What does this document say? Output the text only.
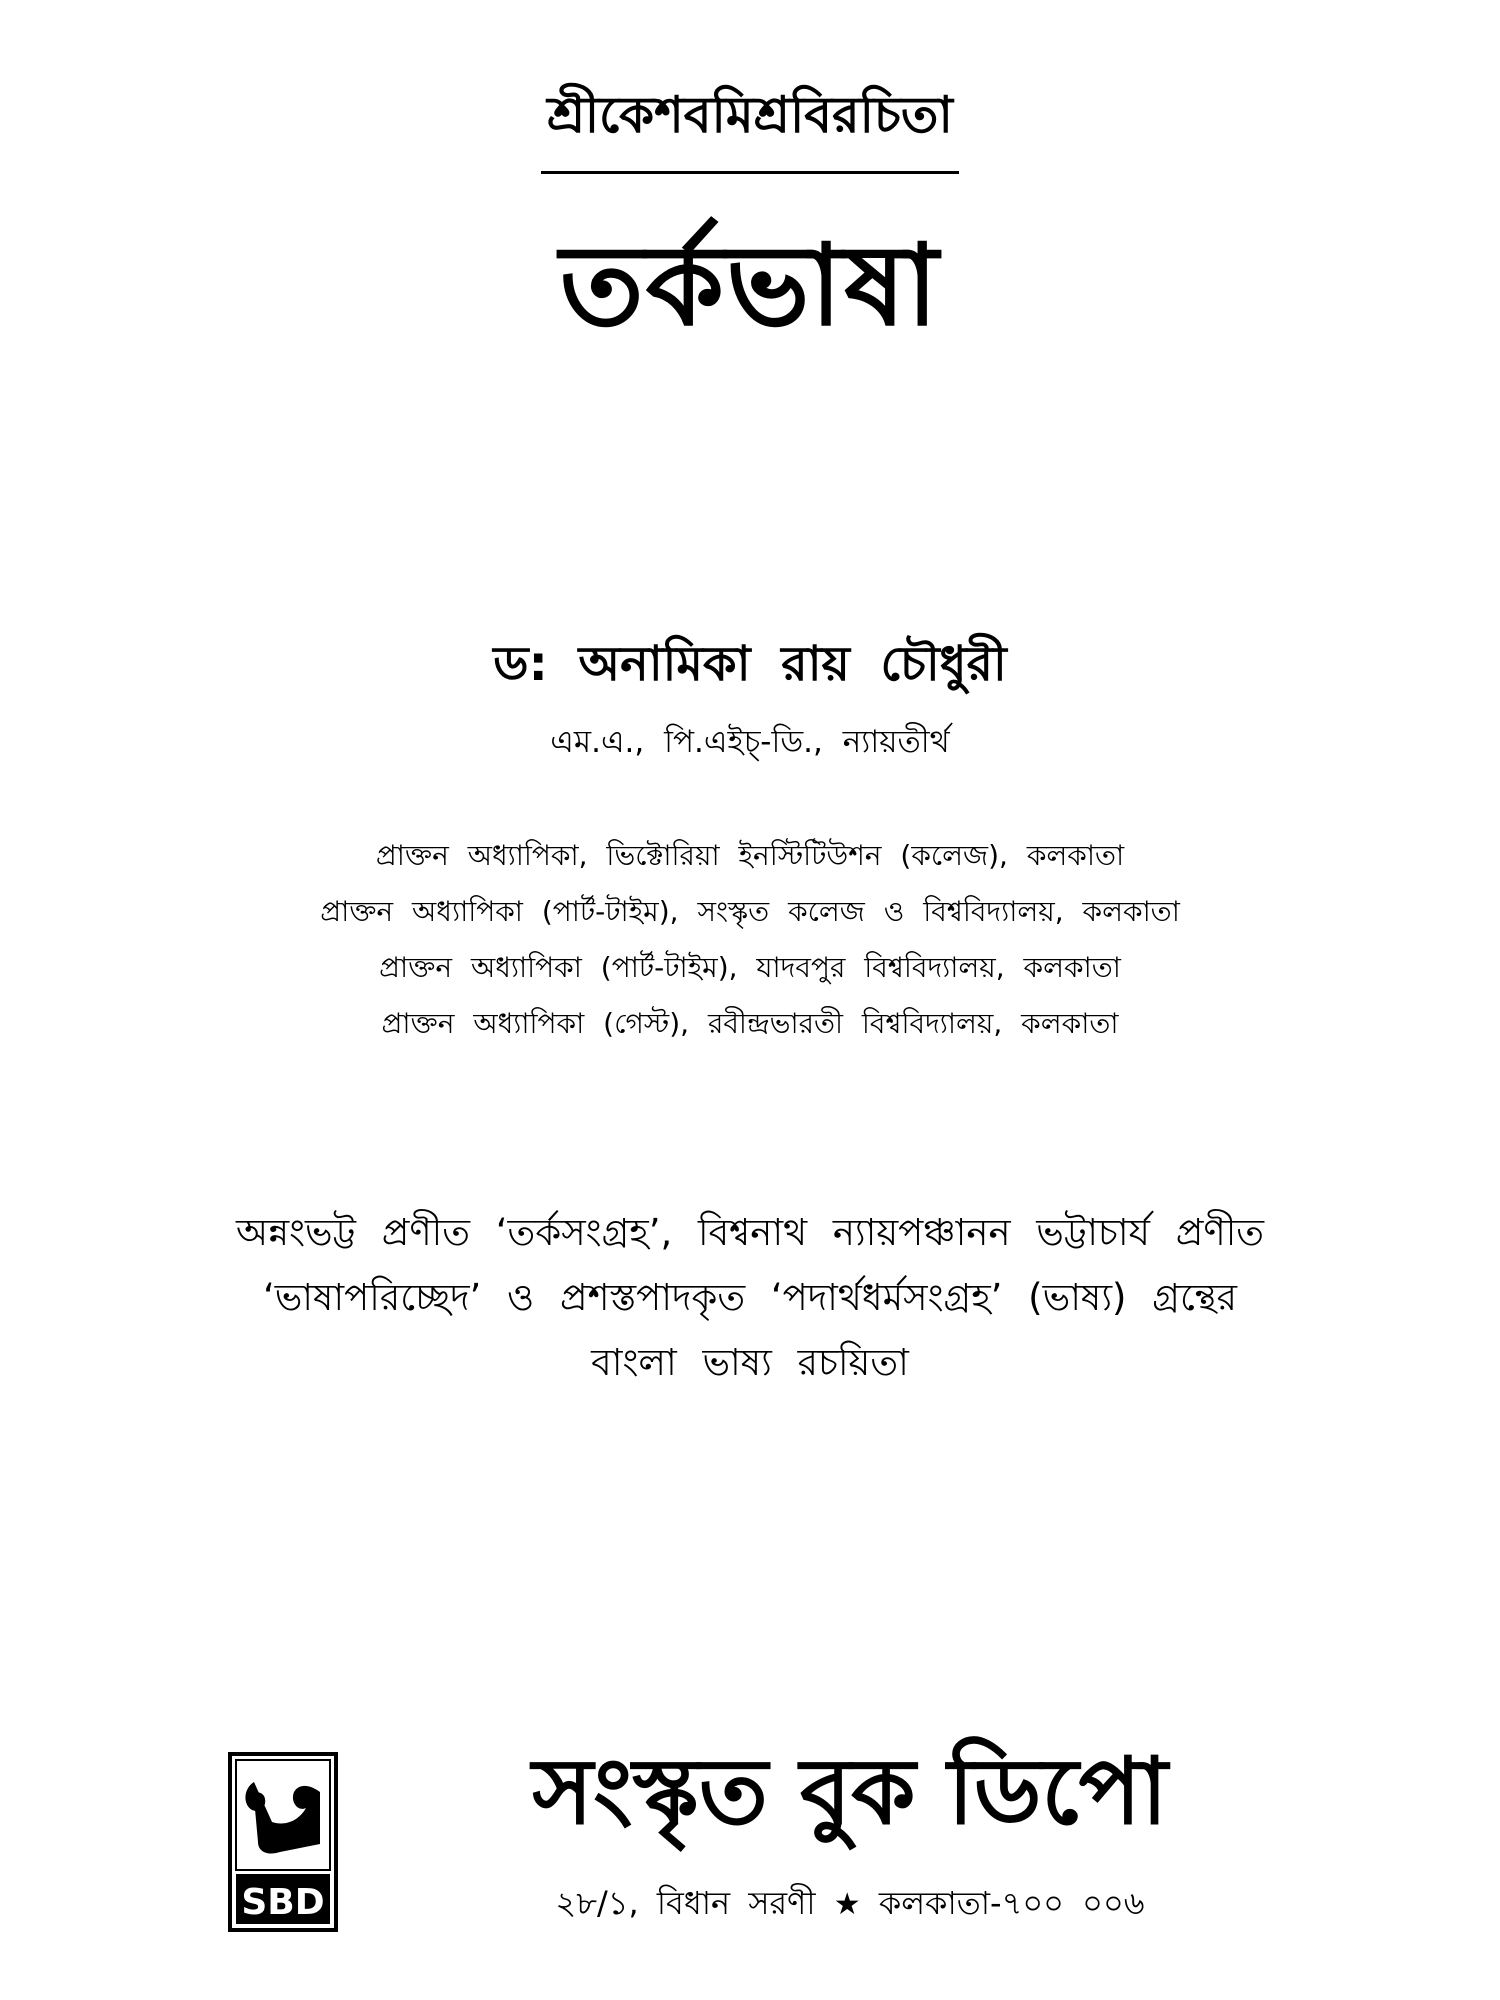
শ্রীকেশবমিশ্রবিরচিতা
তর্কভাষা
ড: অনামিকা রায় চৌধুরী
এম.এ., পি.এইচ্-ডি., ন্যায়তীর্থ
প্রাক্তন অধ্যাপিকা, ভিক্টোরিয়া ইনস্টিটিউশন (কলেজ), কলকাতা
প্রাক্তন অধ্যাপিকা (পার্ট-টাইম), সংস্কৃত কলেজ ও বিশ্ববিদ্যালয়, কলকাতা
প্রাক্তন অধ্যাপিকা (পার্ট-টাইম), যাদবপুর বিশ্ববিদ্যালয়, কলকাতা
প্রাক্তন অধ্যাপিকা (গেস্ট), রবীন্দ্রভারতী বিশ্ববিদ্যালয়, কলকাতা
অন্নংভট্ট প্রণীত ‘তর্কসংগ্রহ’, বিশ্বনাথ ন্যায়পঞ্চানন ভট্টাচার্য প্রণীত
‘ভাষাপরিচ্ছেদ’ ও প্রশস্তপাদকৃত ‘পদার্থধর্মসংগ্রহ’ (ভাষ্য) গ্রন্থের
বাংলা ভাষ্য রচয়িতা
SBD
সংস্কৃত বুক ডিপো
২৮/১, বিধান সরণী ★ কলকাতা-৭০০ ০০৬
